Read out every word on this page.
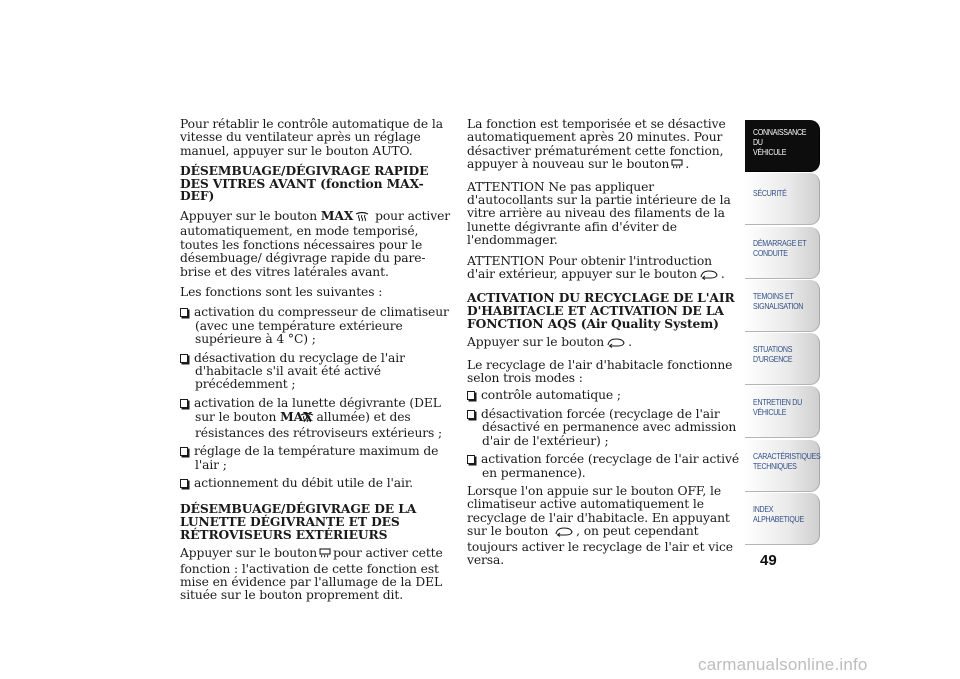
Pour rétablir le contrôle automatique de la vitesse du ventilateur après un réglage manuel, appuyer sur le bouton AUTO.

DÉSEMBUAGE/DÉGIVRAGE RAPIDE DES VITRES AVANT (fonction MAX-DEF)

Appuyer sur le bouton MAX pour activer automatiquement, en mode temporisé, toutes les fonctions nécessaires pour le désembuage/ dégivrage rapide du pare-brise et des vitres latérales avant.

Les fonctions sont les suivantes :

activation du compresseur de climatiseur (avec une température extérieure supérieure à 4 °C) ;

désactivation du recyclage de l'air d'habitacle s'il avait été activé précédemment ;

activation de la lunette dégivrante (DEL sur le bouton MAX allumée) et des résistances des rétroviseurs extérieurs ;

réglage de la température maximum de l'air ;

actionnement du débit utile de l'air.

DÉSEMBUAGE/DÉGIVRAGE DE LA LUNETTE DÉGIVRANTE ET DES RÉTROVISEURS EXTÉRIEURS

Appuyer sur le bouton pour activer cette fonction : l'activation de cette fonction est mise en évidence par l'allumage de la DEL située sur le bouton proprement dit.

La fonction est temporisée et se désactive automatiquement après 20 minutes. Pour désactiver prématurément cette fonction, appuyer à nouveau sur le bouton .

ATTENTION Ne pas appliquer d'autocollants sur la partie intérieure de la vitre arrière au niveau des filaments de la lunette dégivrante afin d'éviter de l'endommager.

ATTENTION Pour obtenir l'introduction d'air extérieur, appuyer sur le bouton .

ACTIVATION DU RECYCLAGE DE L'AIR D'HABITACLE ET ACTIVATION DE LA FONCTION AQS (Air Quality System)

Appuyer sur le bouton .

Le recyclage de l'air d'habitacle fonctionne selon trois modes :

contrôle automatique ;

désactivation forcée (recyclage de l'air désactivé en permanence avec admission d'air de l'extérieur) ;

activation forcée (recyclage de l'air activé en permanence).

Lorsque l'on appuie sur le bouton OFF, le climatiseur active automatiquement le recyclage de l'air d'habitacle. En appuyant sur le bouton , on peut cependant toujours activer le recyclage de l'air et vice versa.

CONNAISSANCE DU
VÉHICULE
SÉCURITÉ
DÉMARRAGE ET
CONDUITE
TEMOINS ET
SIGNALISATION
SITUATIONS
D'URGENCE
ENTRETIEN DU
VÉHICULE
CARACTÉRISTIQUES
TECHNIQUES
INDEX
ALPHABETIQUE
49
carmanualsonline.info
